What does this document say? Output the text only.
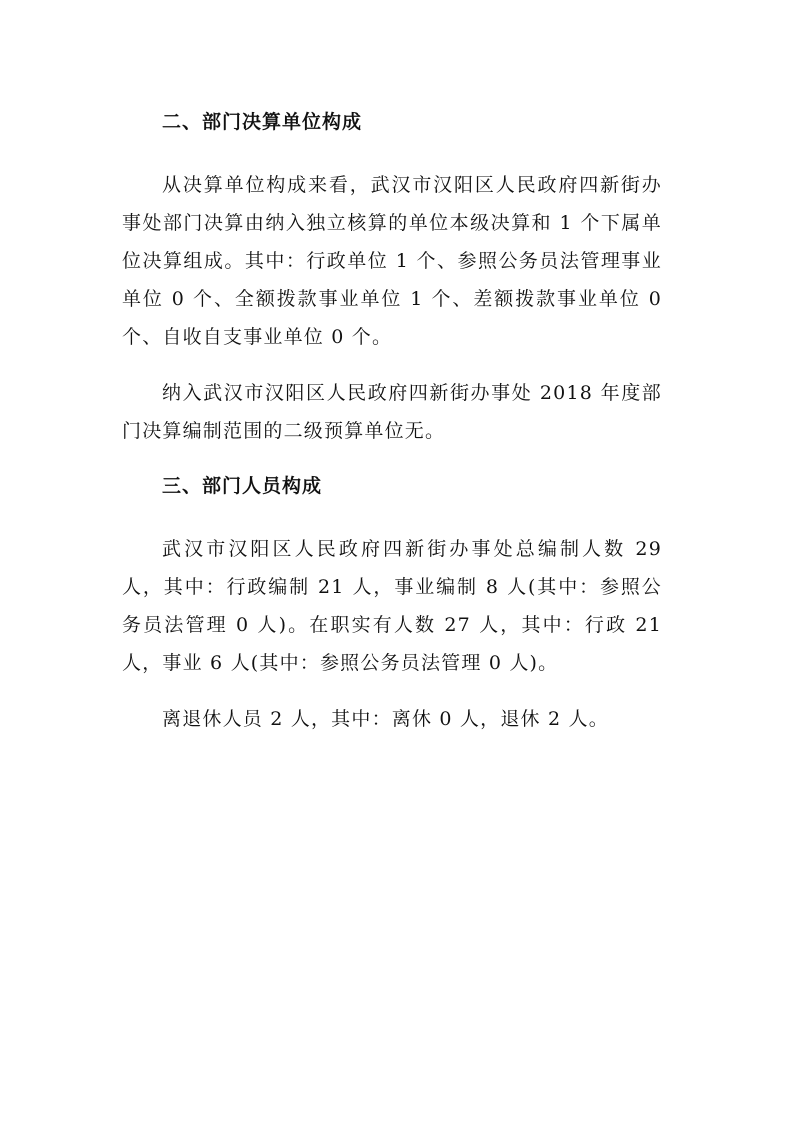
二、部门决算单位构成

从决算单位构成来看，武汉市汉阳区人民政府四新街办事处部门决算由纳入独立核算的单位本级决算和 1 个下属单位决算组成。其中：行政单位 1 个、参照公务员法管理事业单位 0 个、全额拨款事业单位 1 个、差额拨款事业单位 0 个、自收自支事业单位 0 个。

纳入武汉市汉阳区人民政府四新街办事处 2018 年度部门决算编制范围的二级预算单位无。

三、部门人员构成

武汉市汉阳区人民政府四新街办事处总编制人数 29 人，其中：行政编制 21 人，事业编制 8 人(其中：参照公务员法管理 0 人)。在职实有人数 27 人，其中：行政 21 人，事业 6 人(其中：参照公务员法管理 0 人)。

离退休人员 2 人，其中：离休 0 人，退休 2 人。
